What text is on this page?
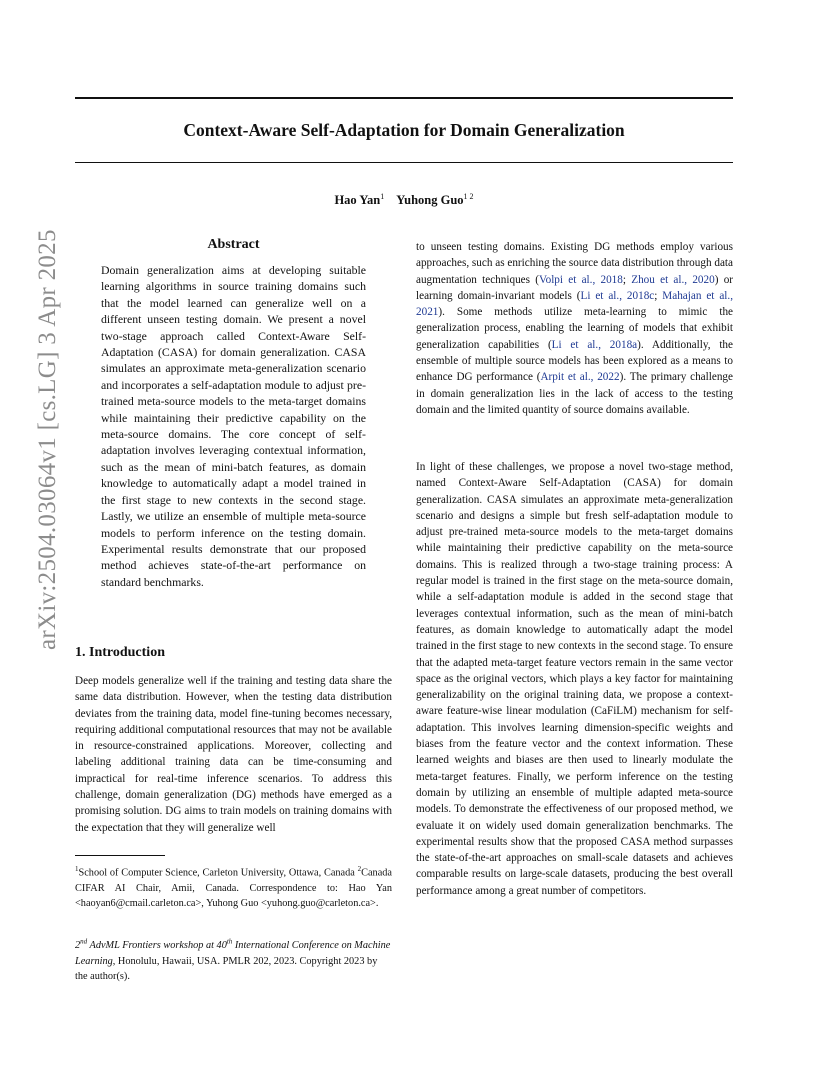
arXiv:2504.03064v1 [cs.LG] 3 Apr 2025
Context-Aware Self-Adaptation for Domain Generalization
Hao Yan$^1$ Yuhong Guo$^{1 2}$
Abstract
Domain generalization aims at developing suitable learning algorithms in source training domains such that the model learned can generalize well on a different unseen testing domain. We present a novel two-stage approach called Context-Aware Self-Adaptation (CASA) for domain generalization. CASA simulates an approximate meta-generalization scenario and incorporates a self-adaptation module to adjust pre-trained meta-source models to the meta-target domains while maintaining their predictive capability on the meta-source domains. The core concept of self-adaptation involves leveraging contextual information, such as the mean of mini-batch features, as domain knowledge to automatically adapt a model trained in the first stage to new contexts in the second stage. Lastly, we utilize an ensemble of multiple meta-source models to perform inference on the testing domain. Experimental results demonstrate that our proposed method achieves state-of-the-art performance on standard benchmarks.
1. Introduction
Deep models generalize well if the training and testing data share the same data distribution. However, when the testing data distribution deviates from the training data, model fine-tuning becomes necessary, requiring additional computational resources that may not be available in resource-constrained applications. Moreover, collecting and labeling additional training data can be time-consuming and impractical for real-time inference scenarios. To address this challenge, domain generalization (DG) methods have emerged as a promising solution. DG aims to train models on training domains with the expectation that they will generalize well
$^1$School of Computer Science, Carleton University, Ottawa, Canada $^2$Canada CIFAR AI Chair, Amii, Canada. Correspondence to: Hao Yan <haoyan6@cmail.carleton.ca>, Yuhong Guo <yuhong.guo@carleton.ca>.
2nd AdvML Frontiers workshop at 40th International Conference on Machine Learning, Honolulu, Hawaii, USA. PMLR 202, 2023. Copyright 2023 by the author(s).
to unseen testing domains. Existing DG methods employ various approaches, such as enriching the source data distribution through data augmentation techniques (Volpi et al., 2018; Zhou et al., 2020) or learning domain-invariant models (Li et al., 2018c; Mahajan et al., 2021). Some methods utilize meta-learning to mimic the generalization process, enabling the learning of models that exhibit generalization capabilities (Li et al., 2018a). Additionally, the ensemble of multiple source models has been explored as a means to enhance DG performance (Arpit et al., 2022). The primary challenge in domain generalization lies in the lack of access to the testing domain and the limited quantity of source domains available.
In light of these challenges, we propose a novel two-stage method, named Context-Aware Self-Adaptation (CASA) for domain generalization. CASA simulates an approximate meta-generalization scenario and designs a simple but fresh self-adaptation module to adjust pre-trained meta-source models to the meta-target domains while maintaining their predictive capability on the meta-source domains. This is realized through a two-stage training process: A regular model is trained in the first stage on the meta-source domain, while a self-adaptation module is added in the second stage that leverages contextual information, such as the mean of mini-batch features, as domain knowledge to automatically adapt the model trained in the first stage to new contexts in the second stage. To ensure that the adapted meta-target feature vectors remain in the same vector space as the original vectors, which plays a key factor for maintaining generalizability on the original training data, we propose a context-aware feature-wise linear modulation (CaFiLM) mechanism for self-adaptation. This involves learning dimension-specific weights and biases from the feature vector and the context information. These learned weights and biases are then used to linearly modulate the meta-target features. Finally, we perform inference on the testing domain by utilizing an ensemble of multiple adapted meta-source models. To demonstrate the effectiveness of our proposed method, we evaluate it on widely used domain generalization benchmarks. The experimental results show that the proposed CASA method surpasses the state-of-the-art approaches on small-scale datasets and achieves comparable results on large-scale datasets, producing the best overall performance among a great number of competitors.
